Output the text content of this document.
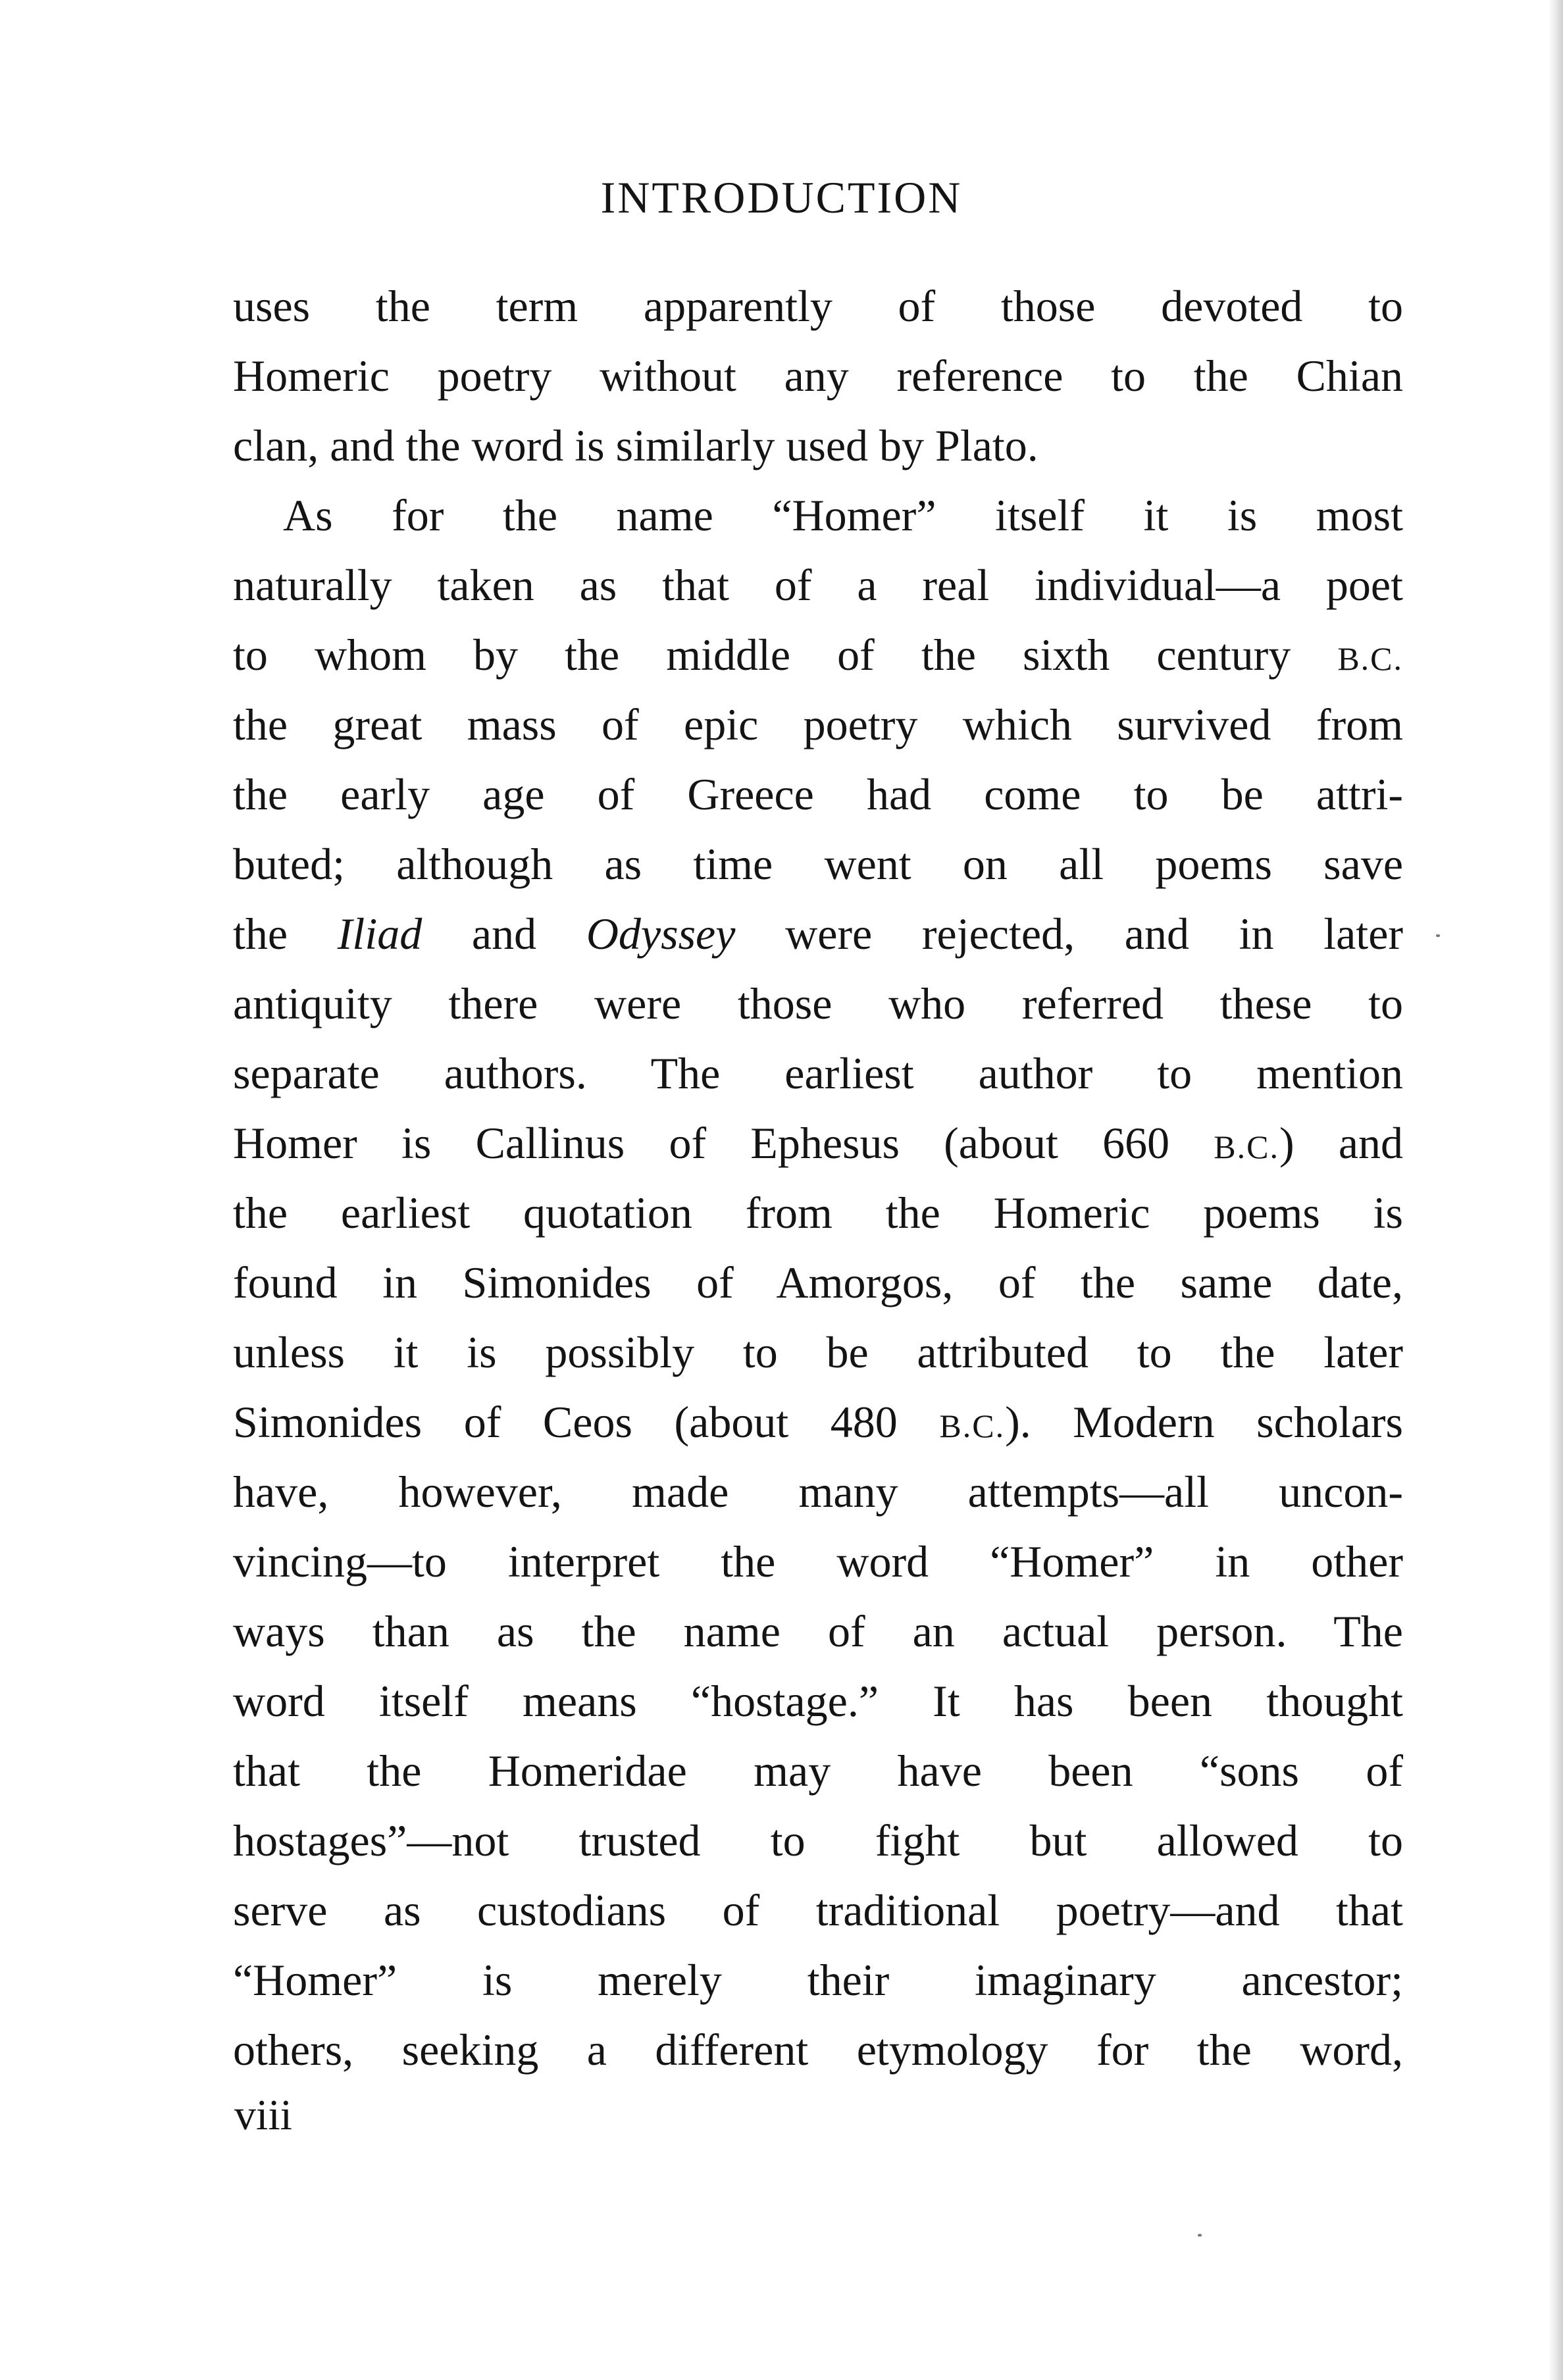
INTRODUCTION
uses the term apparently of those devoted to
Homeric poetry without any reference to the Chian
clan, and the word is similarly used by Plato.
As for the name “Homer” itself it is most
naturally taken as that of a real individual—a poet
to whom by the middle of the sixth century B.C.
the great mass of epic poetry which survived from
the early age of Greece had come to be attri-
buted; although as time went on all poems save
the Iliad and Odyssey were rejected, and in later
antiquity there were those who referred these to
separate authors. The earliest author to mention
Homer is Callinus of Ephesus (about 660 B.C.) and
the earliest quotation from the Homeric poems is
found in Simonides of Amorgos, of the same date,
unless it is possibly to be attributed to the later
Simonides of Ceos (about 480 B.C.). Modern scholars
have, however, made many attempts—all uncon-
vincing—to interpret the word “Homer” in other
ways than as the name of an actual person. The
word itself means “hostage.” It has been thought
that the Homeridae may have been “sons of
hostages”—not trusted to fight but allowed to
serve as custodians of traditional poetry—and that
“Homer” is merely their imaginary ancestor;
others, seeking a different etymology for the word,
viii
